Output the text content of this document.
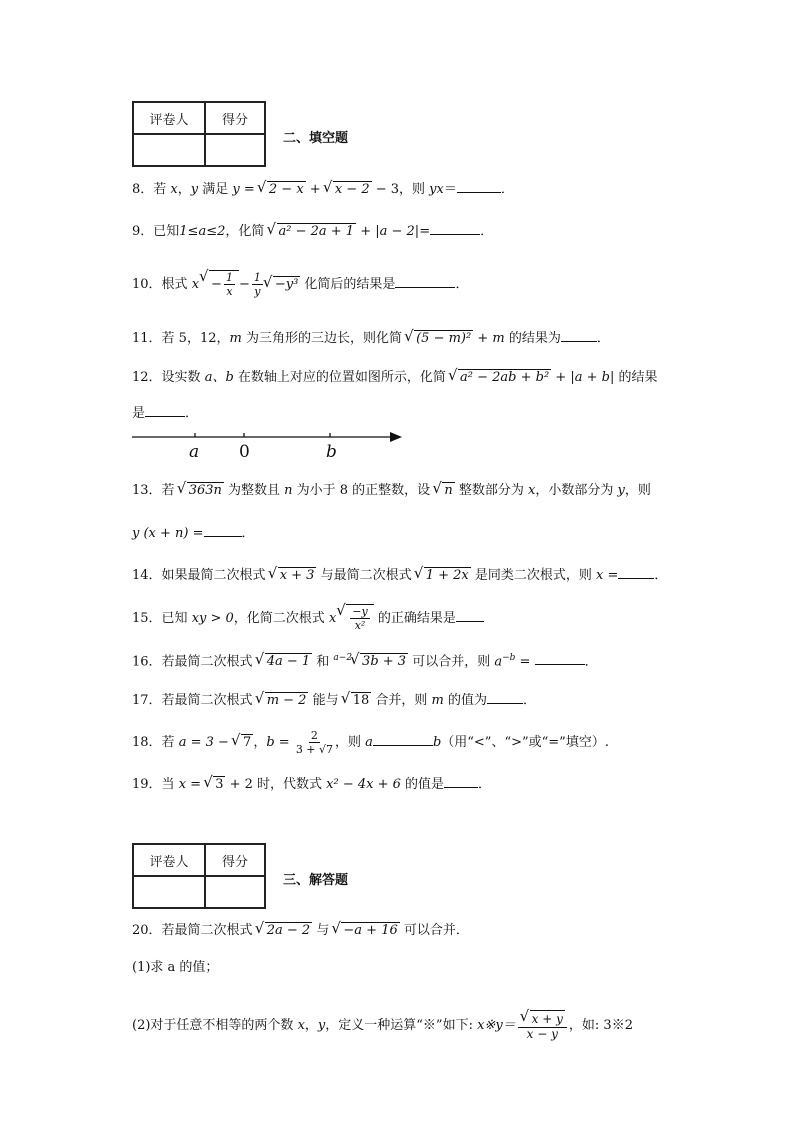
评卷人	得分

二、填空题
8．若 x，y 满足 y = √ 2 − x + √ x − 2 − 3，则 yx＝	．
9．已知1≤a≤2，化简 √ a² − 2a + 1 + |a − 2|=	．
10．根式 x √ − $\frac{1}{x} - \frac{1}{y}$ √ −y³ 化简后的结果是	．
11．若 5，12，m 为三角形的三边长，则化简 √ (5 − m)² + m 的结果为	．
12．设实数 a、b 在数轴上对应的位置如图所示，化简 √ a² − 2ab + b² + |a + b| 的结果
是	．
a 0	b
13．若 √ 363n 为整数且 n 为小于 8 的正整数，设 √ n 整数部分为 x，小数部分为 y，则
y (x + n) =	．
14．如果最简二次根式 √ x + 3 与最简二次根式 √ 1 + 2x 是同类二次根式，则 x =	．
15．已知 xy > 0，化简二次根式 x √ $\frac{-y}{\text{x²}}$ 的正确结果是
16．若最简二次根式 √ 4a − 1 和 $^{a-2}$ √ 3b + 3 可以合并，则 $a^{-b}$ =	．
17．若最简二次根式 √ m − 2 能与 √ 18 合并，则 m 的值为	．
18．若 a = 3 − √ 7 ，$b = \frac{2}{3 + √7}$ ，则 a	b（用“<”、“>”或“=”填空）.
19．当 x = √ 3 + 2 时，代数式 x² − 4x + 6 的值是	．
评卷人	得分

三、解答题
20．若最简二次根式 √ 2a − 2 与 √ −a + 16 可以合并．
(1)求 a 的值；
(2)对于任意不相等的两个数 x，y，定义一种运算“※”如下: x※y＝ √ $\frac{x + y}{x - y}$ ，如: 3※2
